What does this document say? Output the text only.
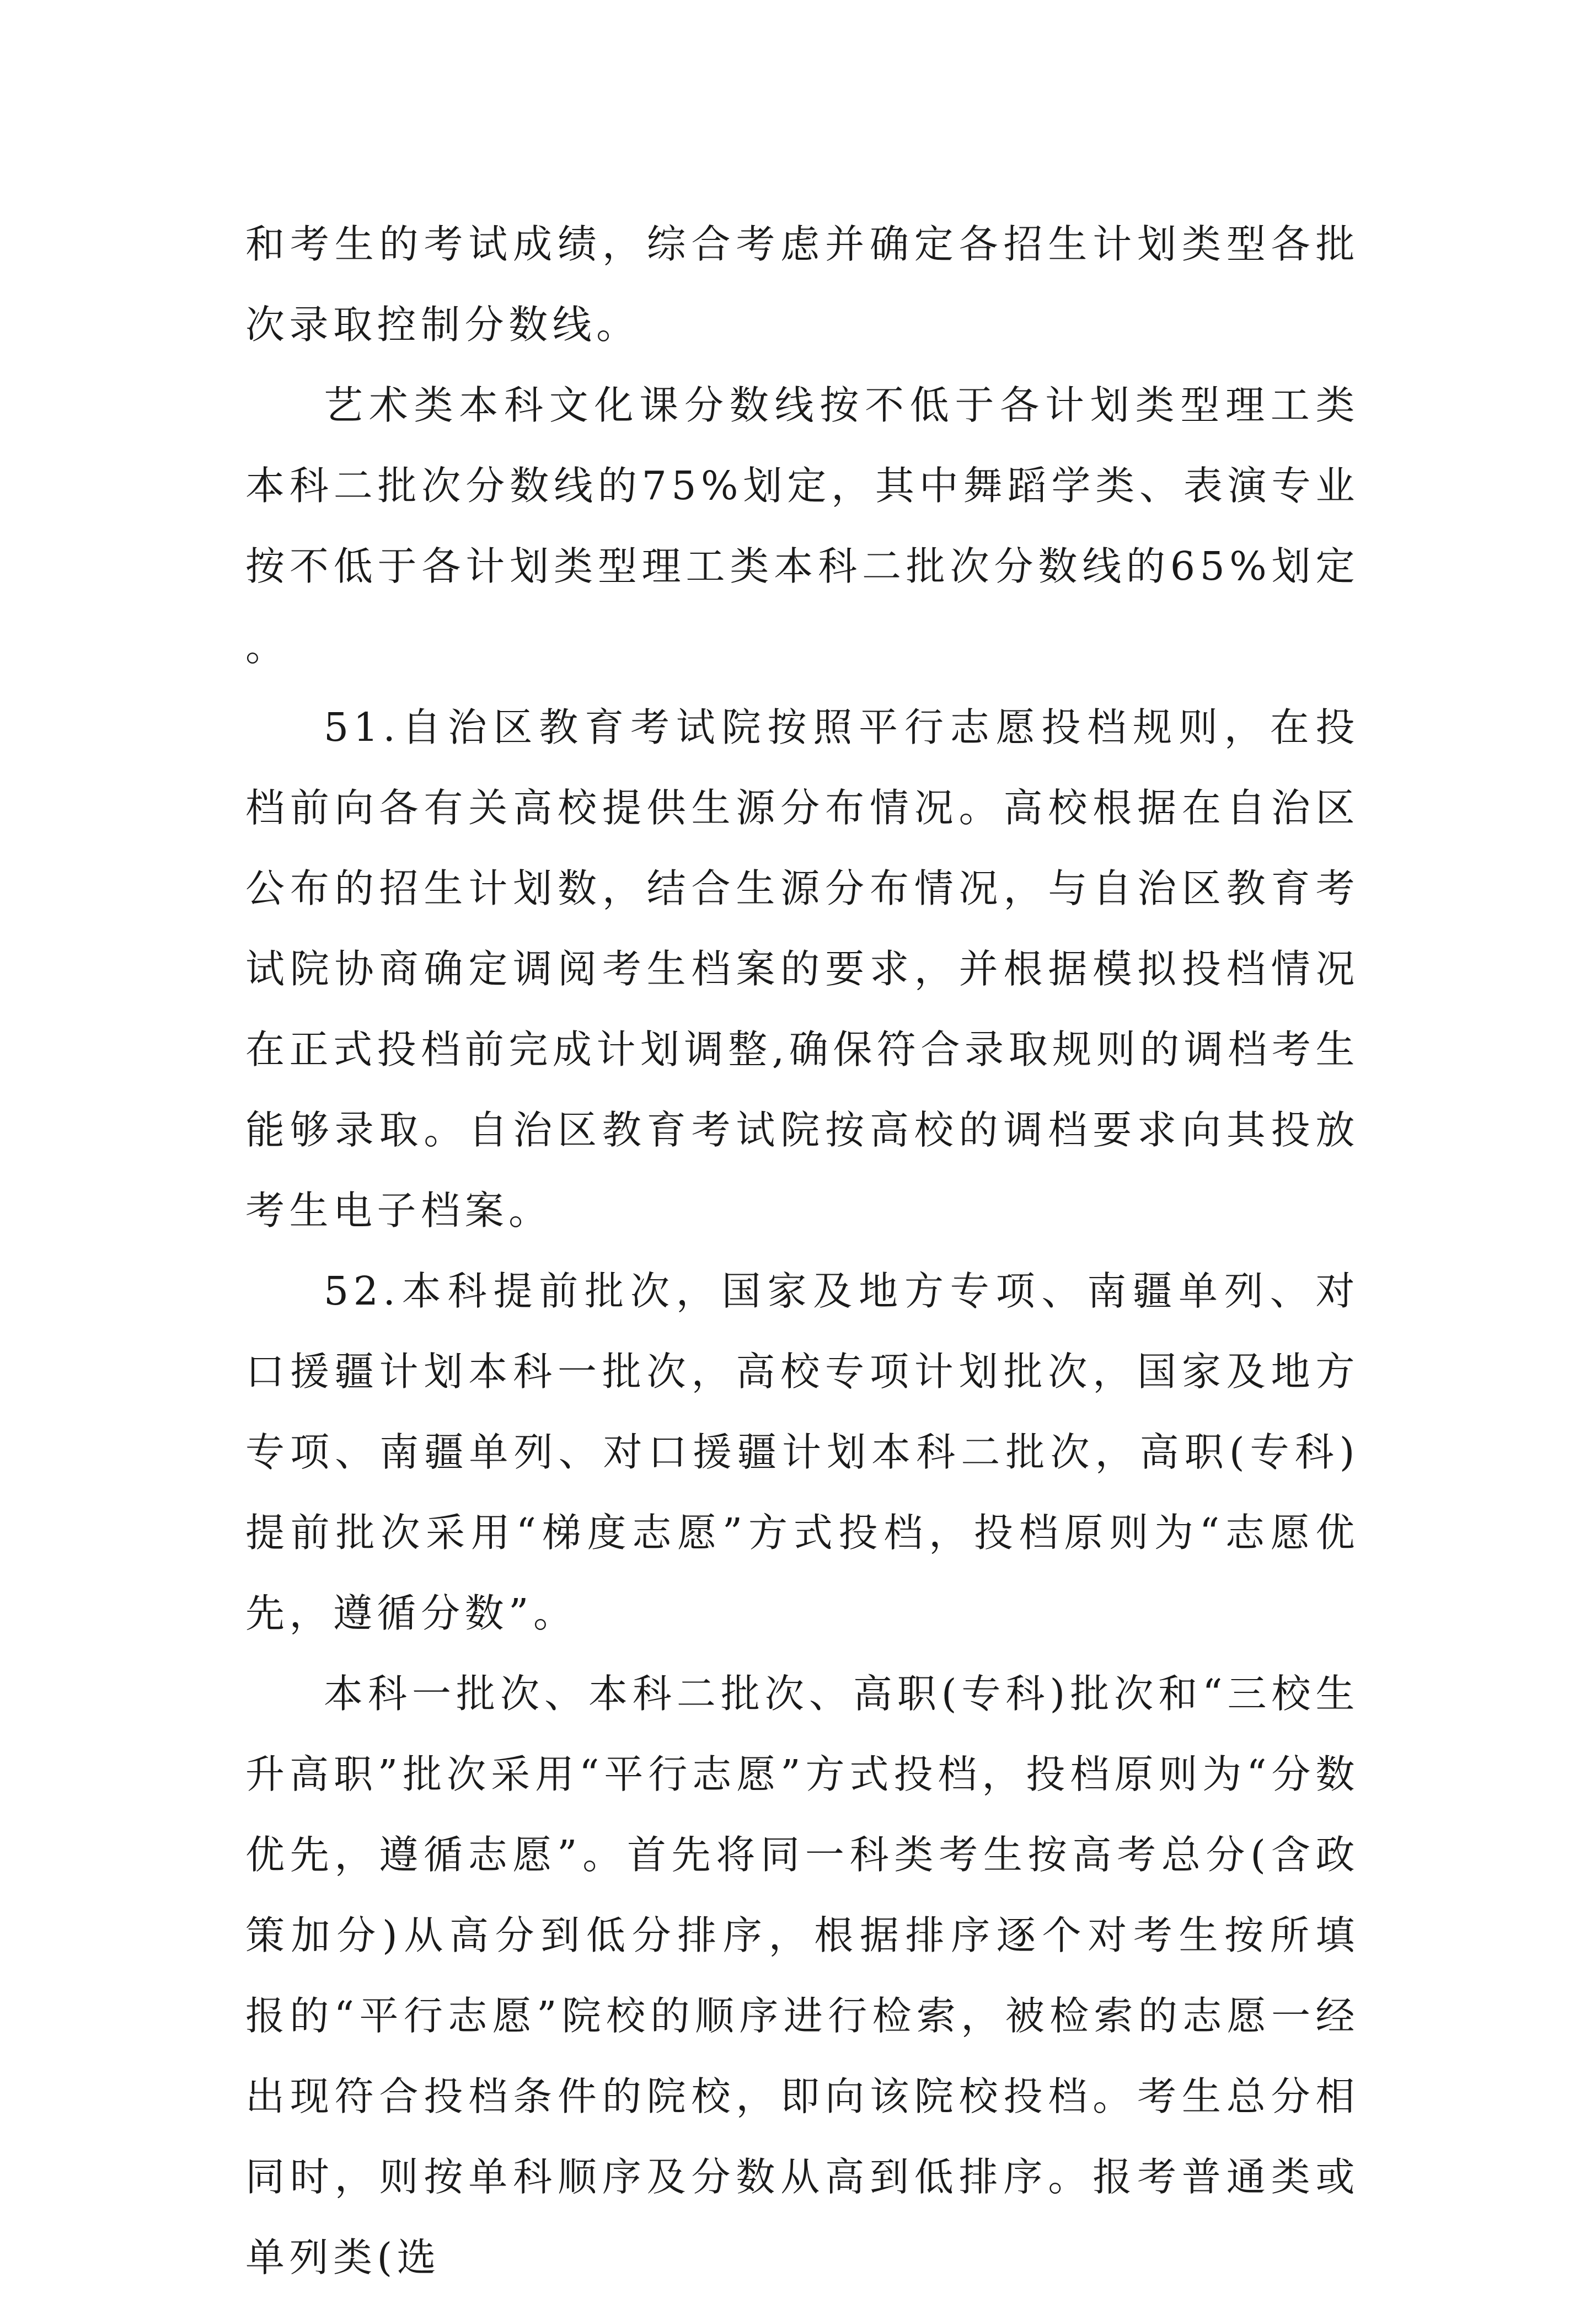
和考生的考试成绩，综合考虑并确定各招生计划类型各批次录取控制分数线。

艺术类本科文化课分数线按不低于各计划类型理工类本科二批次分数线的75%划定，其中舞蹈学类、表演专业按不低于各计划类型理工类本科二批次分数线的65%划定。

51.自治区教育考试院按照平行志愿投档规则，在投档前向各有关高校提供生源分布情况。高校根据在自治区公布的招生计划数，结合生源分布情况，与自治区教育考试院协商确定调阅考生档案的要求，并根据模拟投档情况在正式投档前完成计划调整,确保符合录取规则的调档考生能够录取。自治区教育考试院按高校的调档要求向其投放考生电子档案。

52.本科提前批次，国家及地方专项、南疆单列、对口援疆计划本科一批次，高校专项计划批次，国家及地方专项、南疆单列、对口援疆计划本科二批次，高职(专科)提前批次采用“梯度志愿”方式投档，投档原则为“志愿优先，遵循分数”。

本科一批次、本科二批次、高职(专科)批次和“三校生升高职”批次采用“平行志愿”方式投档，投档原则为“分数优先，遵循志愿”。首先将同一科类考生按高考总分(含政策加分)从高分到低分排序，根据排序逐个对考生按所填报的“平行志愿”院校的顺序进行检索，被检索的志愿一经出现符合投档条件的院校，即向该院校投档。考生总分相同时，则按单科顺序及分数从高到低排序。报考普通类或单列类(选
